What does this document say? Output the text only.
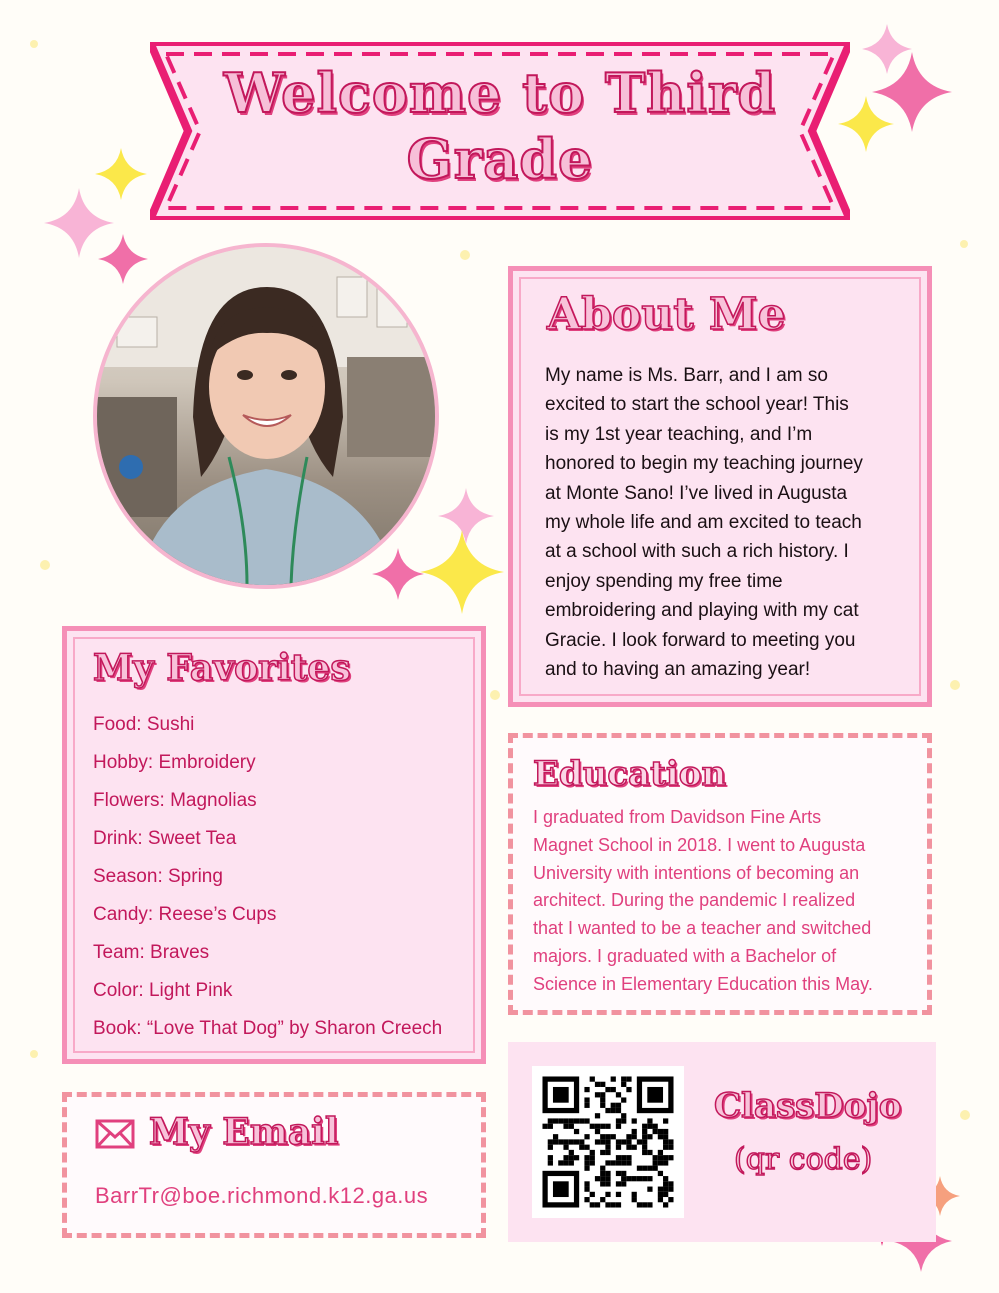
Welcome to Third
Grade
About Me
My name is Ms. Barr, and I am so
excited to start the school year! This
is my 1st year teaching, and I’m
honored to begin my teaching journey
at Monte Sano! I’ve lived in Augusta
my whole life and am excited to teach
at a school with such a rich history. I
enjoy spending my free time
embroidering and playing with my cat
Gracie. I look forward to meeting you
and to having an amazing year!
My Favorites
Food: Sushi
Hobby: Embroidery
Flowers: Magnolias
Drink: Sweet Tea
Season: Spring
Candy: Reese’s Cups
Team: Braves
Color: Light Pink
Book: “Love That Dog” by Sharon Creech
Education
I graduated from Davidson Fine Arts
Magnet School in 2018. I went to Augusta
University with intentions of becoming an
architect. During the pandemic I realized
that I wanted to be a teacher and switched
majors. I graduated with a Bachelor of
Science in Elementary Education this May.
My Email
BarrTr@boe.richmond.k12.ga.us
ClassDojo
(qr code)
